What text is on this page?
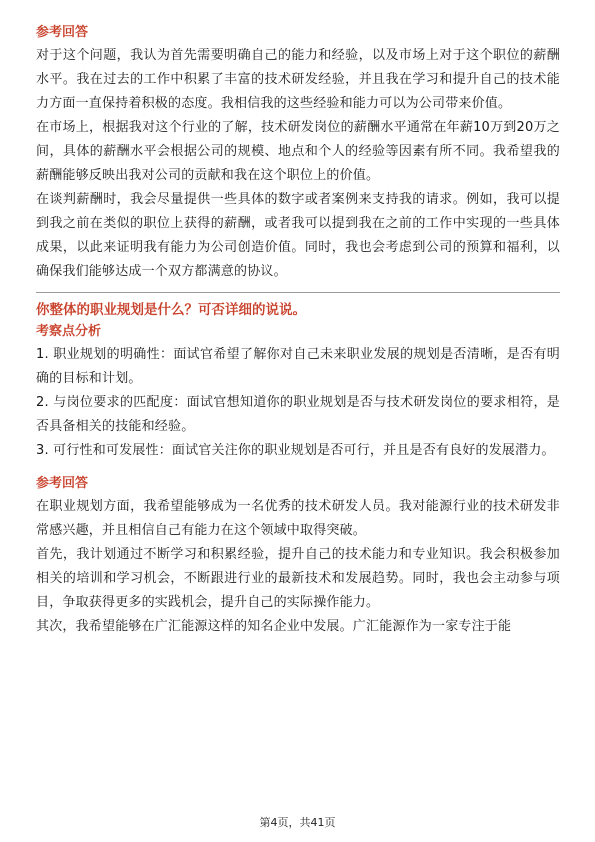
参考回答

对于这个问题，我认为首先需要明确自己的能力和经验，以及市场上对于这个职位的薪酬水平。我在过去的工作中积累了丰富的技术研发经验，并且我在学习和提升自己的技术能力方面一直保持着积极的态度。我相信我的这些经验和能力可以为公司带来价值。

在市场上，根据我对这个行业的了解，技术研发岗位的薪酬水平通常在年薪10万到20万之间，具体的薪酬水平会根据公司的规模、地点和个人的经验等因素有所不同。我希望我的薪酬能够反映出我对公司的贡献和我在这个职位上的价值。

在谈判薪酬时，我会尽量提供一些具体的数字或者案例来支持我的请求。例如，我可以提到我之前在类似的职位上获得的薪酬，或者我可以提到我在之前的工作中实现的一些具体成果，以此来证明我有能力为公司创造价值。同时，我也会考虑到公司的预算和福利，以确保我们能够达成一个双方都满意的协议。

你整体的职业规划是什么？可否详细的说说。
考察点分析

1. 职业规划的明确性：面试官希望了解你对自己未来职业发展的规划是否清晰，是否有明确的目标和计划。

2. 与岗位要求的匹配度：面试官想知道你的职业规划是否与技术研发岗位的要求相符，是否具备相关的技能和经验。

3. 可行性和可发展性：面试官关注你的职业规划是否可行，并且是否有良好的发展潜力。

参考回答

在职业规划方面，我希望能够成为一名优秀的技术研发人员。我对能源行业的技术研发非常感兴趣，并且相信自己有能力在这个领域中取得突破。

首先，我计划通过不断学习和积累经验，提升自己的技术能力和专业知识。我会积极参加相关的培训和学习机会，不断跟进行业的最新技术和发展趋势。同时，我也会主动参与项目，争取获得更多的实践机会，提升自己的实际操作能力。

其次，我希望能够在广汇能源这样的知名企业中发展。广汇能源作为一家专注于能

第4页，共41页
